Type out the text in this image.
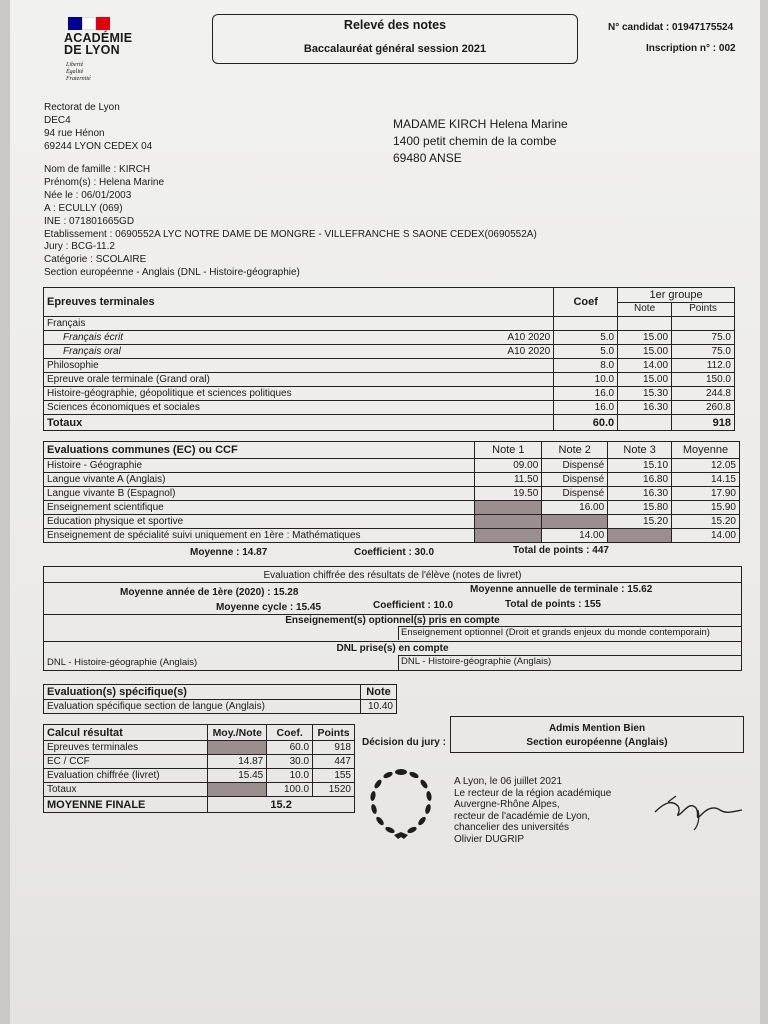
ACADÉMIE
DE LYON
Liberté
Égalité
Fraternité
Relevé des notes
Baccalauréat général session 2021
N° candidat : 01947175524
Inscription n° : 002
Rectorat de Lyon
DEC4
94 rue Hénon
69244 LYON CEDEX 04
MADAME KIRCH Helena Marine
1400 petit chemin de la combe
69480 ANSE
Nom de famille : KIRCH
Prénom(s) : Helena Marine
Née le : 06/01/2003
A : ECULLY (069)
INE : 071801665GD
Etablissement : 0690552A LYC NOTRE DAME DE MONGRE - VILLEFRANCHE S SAONE CEDEX(0690552A)
Jury : BCG-11.2
Catégorie : SCOLAIRE
Section européenne - Anglais (DNL - Histoire-géographie)
Epreuves terminales	Coef	1er groupe	
		Note	Points
Français			
Français écrit A10 2020	5.0	15.00	75.0
Français oral A10 2020	5.0	15.00	75.0
Philosophie	8.0	14.00	112.0
Epreuve orale terminale (Grand oral)	10.0	15.00	150.0
Histoire-géographie, géopolitique et sciences politiques	16.0	15.30	244.8
Sciences économiques et sociales	16.0	16.30	260.8
Totaux	60.0		918
Evaluations communes (EC) ou CCF	Note 1	Note 2	Note 3	Moyenne
Histoire - Géographie	09.00	Dispensé	15.10	12.05
Langue vivante A (Anglais)	11.50	Dispensé	16.80	14.15
Langue vivante B (Espagnol)	19.50	Dispensé	16.30	17.90
Enseignement scientifique		16.00	15.80	15.90
Education physique et sportive			15.20	15.20
Enseignement de spécialité suivi uniquement en 1ère : Mathématiques		14.00		14.00
Moyenne : 14.87	Coefficient : 30.0	Total de points : 447
Evaluation chiffrée des résultats de l'élève (notes de livret)
Moyenne année de 1ère (2020) : 15.28	Moyenne annuelle de terminale : 15.62
Moyenne cycle : 15.45	Coefficient : 10.0	Total de points : 155
Enseignement(s) optionnel(s) pris en compte
Enseignement optionnel (Droit et grands enjeux du monde contemporain)
DNL prise(s) en compte
DNL - Histoire-géographie (Anglais)	DNL - Histoire-géographie (Anglais)
Evaluation(s) spécifique(s)	Note
Evaluation spécifique section de langue (Anglais)	10.40
Calcul résultat	Moy./Note	Coef.	Points
Epreuves terminales		60.0	918
EC / CCF	14.87	30.0	447
Evaluation chiffrée (livret)	15.45	10.0	155
Totaux		100.0	1520
MOYENNE FINALE	15.2		
Décision du jury :
Admis Mention Bien
Section européenne (Anglais)
A Lyon, le 06 juillet 2021
Le recteur de la région académique
Auvergne-Rhône Alpes,
recteur de l'académie de Lyon,
chancelier des universités
Olivier DUGRIP
